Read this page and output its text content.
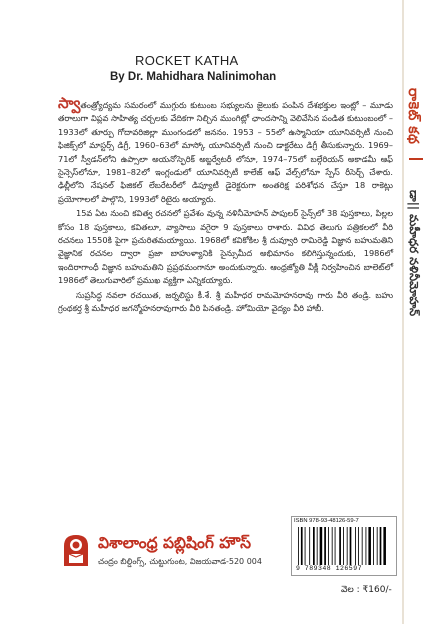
ROCKET KATHA
By Dr. Mahidhara Nalinimohan

స్వాతంత్ర్యోద్యమ సమరంలో ముగ్గురు కుటుంబ సభ్యులను జైలుకు పంపిన దేశభక్తుల ఇంట్లో – మూడు తరాలుగా విప్లవ సాహిత్య చర్చలకు వేదికగా నిల్చిన ముంగిట్లో ఛాందసాన్ని వెలివేసిన పండిత కుటుంబంలో – 1933లో తూర్పు గోదావరిజిల్లా ముంగండలో జననం. 1953 – 55లో ఉస్మానియా యూనివర్సిటీ నుంచి ఫిజిక్స్‌లో మాస్టర్స్ డిగ్రీ, 1960–63లో మాస్కో యూనివర్సిటీ నుంచి డాక్టరేటు డిగ్రీ తీసుకున్నారు. 1969–71లో స్వీడన్‌లోని ఉప్సాలా అయనోస్ఫెరిక్ అబ్జర్వేటరీ లోనూ, 1974–75లో బల్గేరియన్ అకాడమీ ఆఫ్ సైన్సెస్‌లోనూ, 1981–82లో ఇంగ్లండులో యూనివర్సిటీ కాలేజ్ ఆఫ్ వేల్స్‌లోనూ స్పేస్ రీసెర్చ్ చేశారు. ఢిల్లీలోని నేషనల్ ఫిజికల్ లేబరేటరీలో డిప్యూటీ డైరెక్టరుగా అంతరిక్ష పరిశోధన చేస్తూ 18 రాకెట్లు ప్రయోగాలలో పాల్గొని, 1993లో రిటైరు అయ్యారు.

15వ ఏట నుంచి కవిత్వ రచనలో ప్రవేశం వున్న నళినీమోహన్ పాపులర్ సైన్స్‌లో 38 పుస్తకాలు, పిల్లల కోసం 18 పుస్తకాలు, కవితలూ, వ్యాసాలు వగైరా 9 పుస్తకాలు రాశారు. వివిధ తెలుగు పత్రికలలో వీరి రచనలు 1550కి పైగా ప్రచురితమయ్యాయి. 1968లో కవికోకిల శ్రీ దువ్వూరి రామిరెడ్డి విజ్ఞాన బహుమతిని వైజ్ఞానిక రచనల ద్వారా ప్రజా బాహుళ్యానికి సైన్సుమీద అభిమానం కలిగిస్తున్నందుకు, 1986లో ఇందిరాగాంధీ విజ్ఞాన బహుమతిని ప్రప్రథమంగానూ అందుకున్నారు. ఆంధ్రజ్యోతి వీక్లీ నిర్వహించిన బాలెట్‌లో 1986లో తెలుగువారిలో ప్రముఖ వ్యక్తిగా ఎన్నికయ్యారు.

సుప్రసిద్ధ నవలా రచయిత, జర్నలిస్టు కీ.శే. శ్రీ మహీధర రామమోహనరావు గారు వీరి తండ్రి. బహు గ్రంథకర్త శ్రీ మహీధర జగన్మోహనరావుగారు వీరి పినతండ్రి. హోమియో వైద్యం వీరి హాబీ.

రాకెట్ కథ
డా|| మహీధర నళినీమోహన్
ISBN 978-93-48126-59-7
9 789348 126597
వెల : ₹160/-
విశాలాంధ్ర పబ్లిషింగ్ హౌస్
చంద్రం బిల్డింగ్స్, చుట్టుగుంట, విజయవాడ-520 004
